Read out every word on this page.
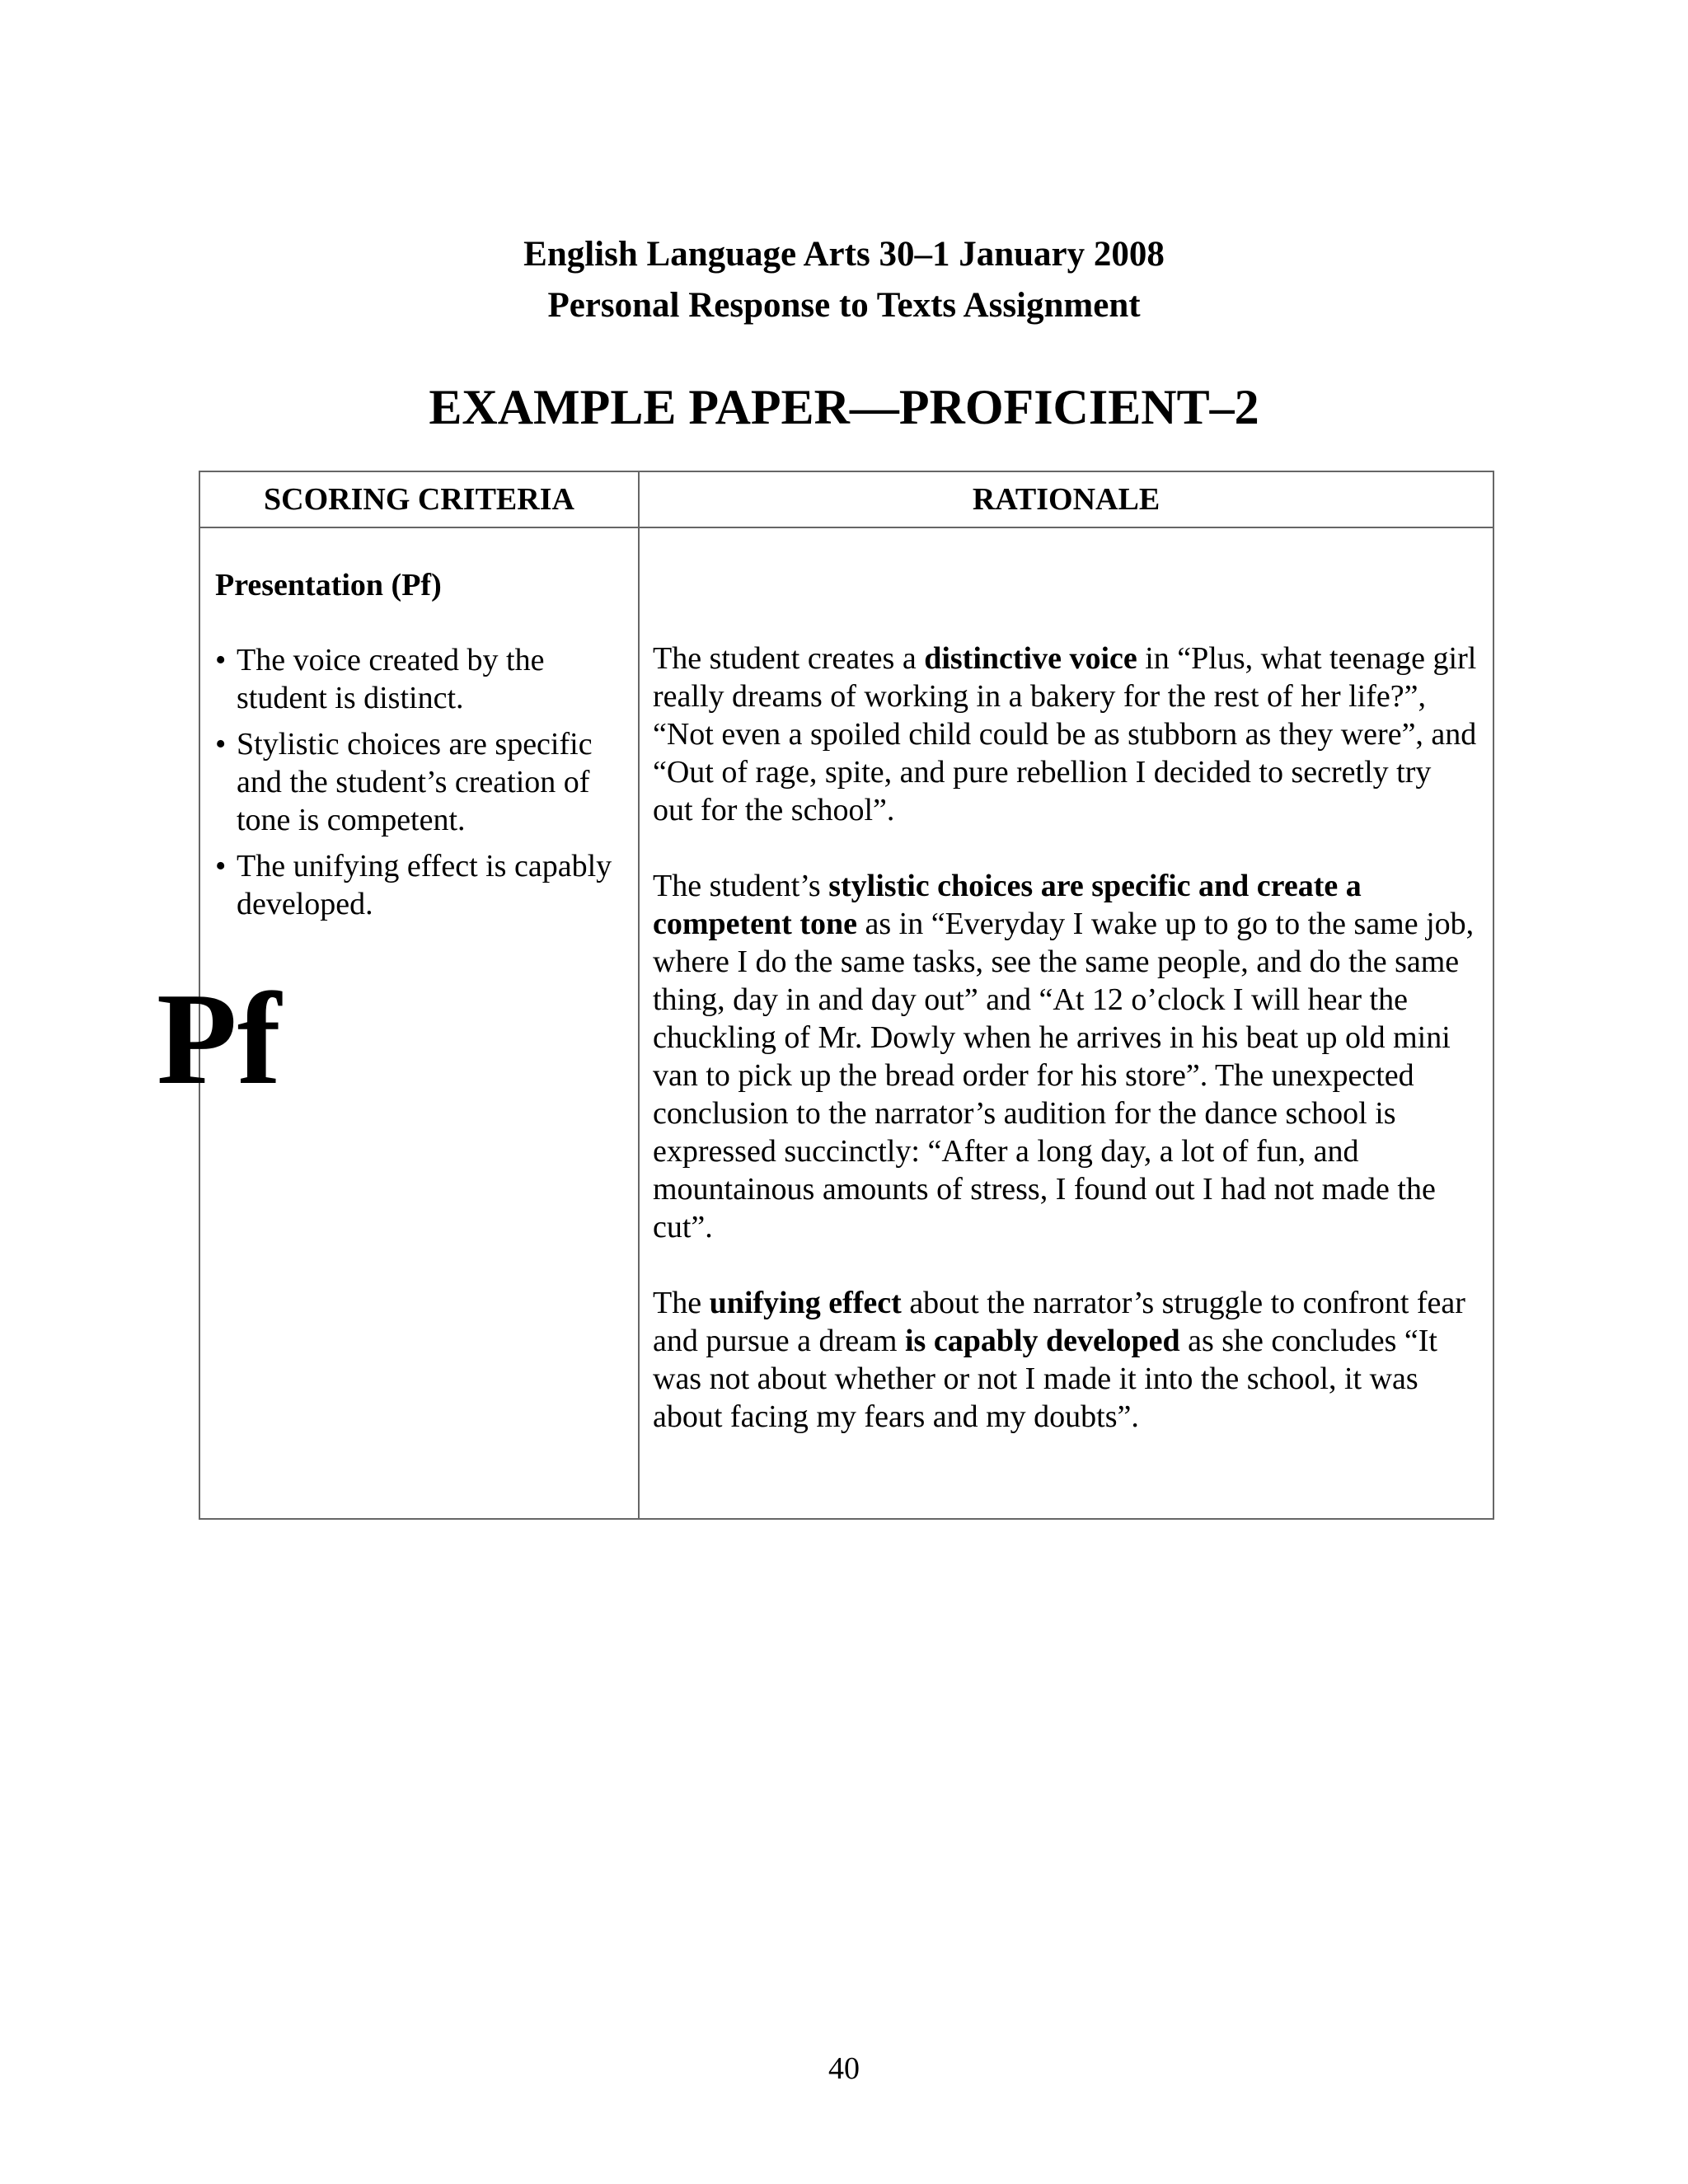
English Language Arts 30–1 January 2008
Personal Response to Texts Assignment
EXAMPLE PAPER—PROFICIENT–2
SCORING CRITERIA	RATIONALE
Presentation (Pf)
• The voice created by the student is distinct.
• Stylistic choices are specific and the student’s creation of tone is competent.
• The unifying effect is capably developed.

The student creates a distinctive voice in “Plus, what teenage girl really dreams of working in a bakery for the rest of her life?”, “Not even a spoiled child could be as stubborn as they were”, and “Out of rage, spite, and pure rebellion I decided to secretly try out for the school”.

The student’s stylistic choices are specific and create a competent tone as in “Everyday I wake up to go to the same job, where I do the same tasks, see the same people, and do the same thing, day in and day out” and “At 12 o’clock I will hear the chuckling of Mr. Dowly when he arrives in his beat up old mini van to pick up the bread order for his store”. The unexpected conclusion to the narrator’s audition for the dance school is expressed succinctly: “After a long day, a lot of fun, and mountainous amounts of stress, I found out I had not made the cut”.

The unifying effect about the narrator’s struggle to confront fear and pursue a dream is capably developed as she concludes “It was not about whether or not I made it into the school, it was about facing my fears and my doubts”.

Pf
40
